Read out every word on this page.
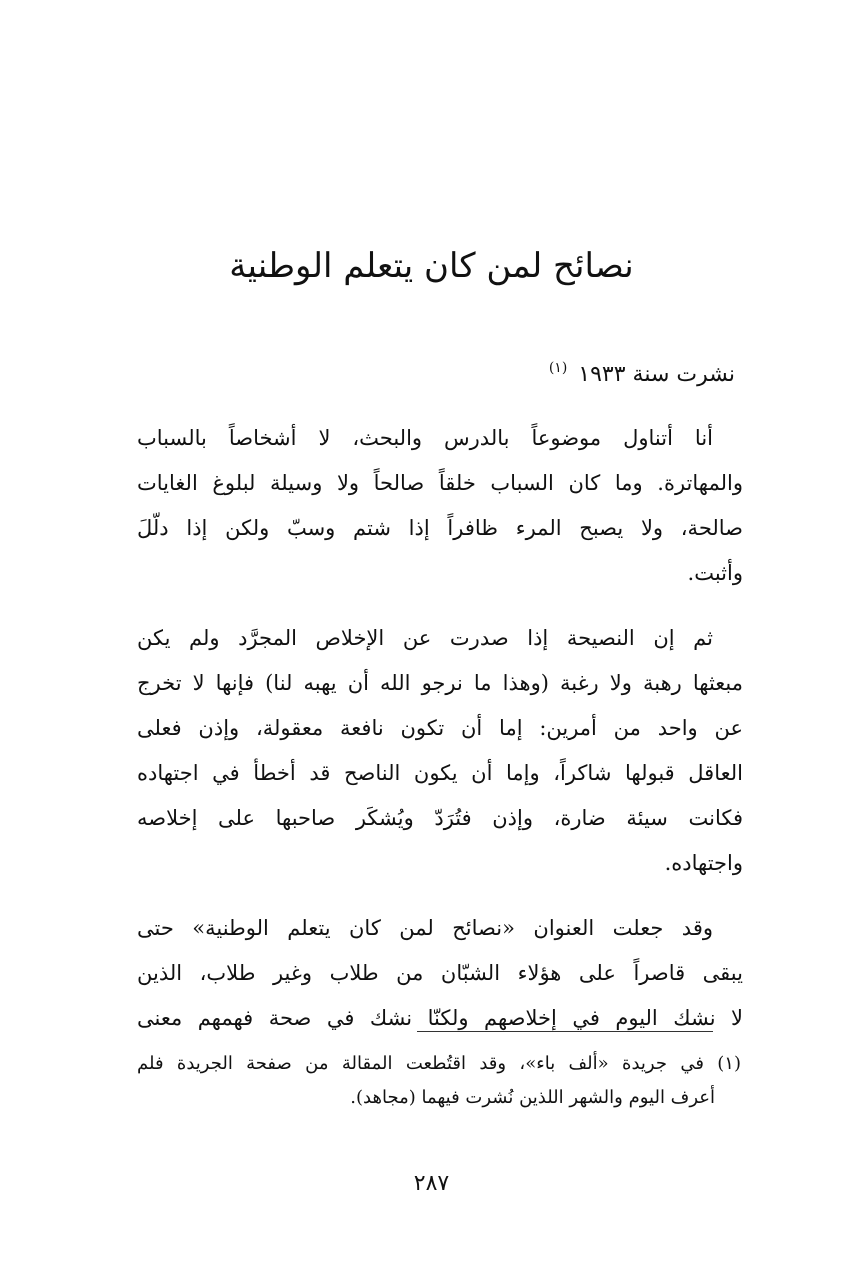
نصائح لمن كان يتعلم الوطنية
نشرت سنة ١٩٣٣ $^{(١)}$
أنا أتناول موضوعاً بالدرس والبحث، لا أشخاصاً بالسباب
والمهاترة. وما كان السباب خلقاً صالحاً ولا وسيلة لبلوغ الغايات
صالحة، ولا يصبح المرء ظافراً إذا شتم وسبّ ولكن إذا دلّلَ
وأثبت.
ثم إن النصيحة إذا صدرت عن الإخلاص المجرَّد ولم يكن
مبعثها رهبة ولا رغبة (وهذا ما نرجو الله أن يهبه لنا) فإنها لا تخرج
عن واحد من أمرين: إما أن تكون نافعة معقولة، وإذن فعلى
العاقل قبولها شاكراً، وإما أن يكون الناصح قد أخطأ في اجتهاده
فكانت سيئة ضارة، وإذن فتُرَدّ ويُشكَر صاحبها على إخلاصه
واجتهاده.
وقد جعلت العنوان «نصائح لمن كان يتعلم الوطنية» حتى
يبقى قاصراً على هؤلاء الشبّان من طلاب وغير طلاب، الذين
لا نشك اليوم في إخلاصهم ولكنّا نشك في صحة فهمهم معنى
(١) في جريدة «ألف باء»، وقد اقتُطعت المقالة من صفحة الجريدة فلم
أعرف اليوم والشهر اللذين نُشرت فيهما (مجاهد).
٢٨٧
